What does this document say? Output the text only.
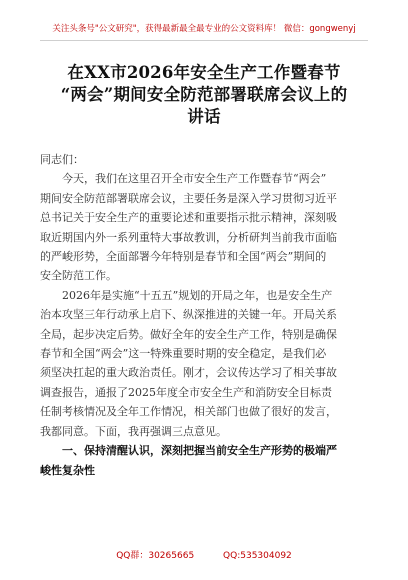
关注头条号"公文研究"，获得最新最全最专业的公文资料库！ 微信：gongwenyj
在XX市2026年安全生产工作暨春节
“两会”期间安全防范部署联席会议上的
讲话

同志们：

今天，我们在这里召开全市安全生产工作暨春节“两会”
期间安全防范部署联席会议，主要任务是深入学习贯彻习近平
总书记关于安全生产的重要论述和重要指示批示精神，深刻吸
取近期国内外一系列重特大事故教训，分析研判当前我市面临
的严峻形势，全面部署今年特别是春节和全国“两会”期间的
安全防范工作。

2026年是实施“十五五”规划的开局之年，也是安全生产
治本攻坚三年行动承上启下、纵深推进的关键一年。开局关系
全局，起步决定后势。做好全年的安全生产工作，特别是确保
春节和全国“两会”这一特殊重要时期的安全稳定，是我们必
须坚决扛起的重大政治责任。刚才，会议传达学习了相关事故
调查报告，通报了2025年度全市安全生产和消防安全目标责
任制考核情况及全年工作情况，相关部门也做了很好的发言，
我都同意。下面，我再强调三点意见。

一、保持清醒认识，深刻把握当前安全生产形势的极端严
峻性复杂性

QQ群：30265665	QQ:535304092
